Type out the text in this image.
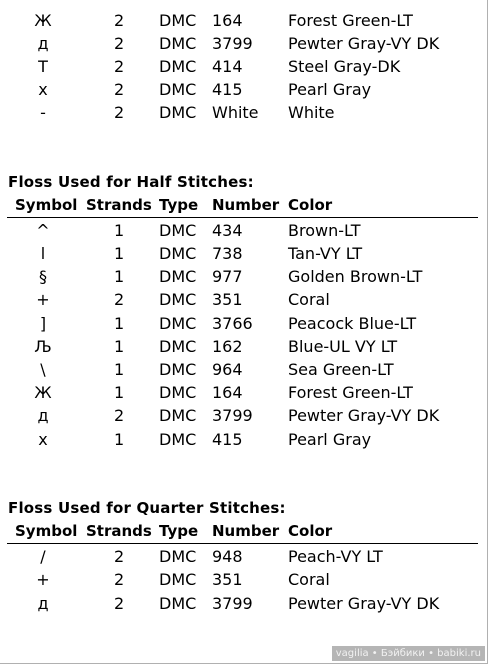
Ж	2 DMC 164	Forest Green-LT
д	2 DMC 3799 Pewter Gray-VY DK
Т	2 DMC 414	Steel Gray-DK
x	2 DMC 415	Pearl Gray
-	2 DMC White White
Floss Used for Half Stitches:
Symbol Strands Type Number Color
^	1 DMC 434	Brown-LT
l	1 DMC 738	Tan-VY LT
§	1 DMC 977	Golden Brown-LT
+	2 DMC 351	Coral
]	1 DMC 3766 Peacock Blue-LT
Љ	1 DMC 162	Blue-UL VY LT
\	1 DMC 964	Sea Green-LT
Ж	1 DMC 164	Forest Green-LT
д	2 DMC 3799 Pewter Gray-VY DK
x	1 DMC 415	Pearl Gray
Floss Used for Quarter Stitches:
Symbol Strands Type Number Color
/	2 DMC 948	Peach-VY LT
+	2 DMC 351	Coral
д	2 DMC 3799 Pewter Gray-VY DK
vagilia • Бэйбики • babiki.ru
